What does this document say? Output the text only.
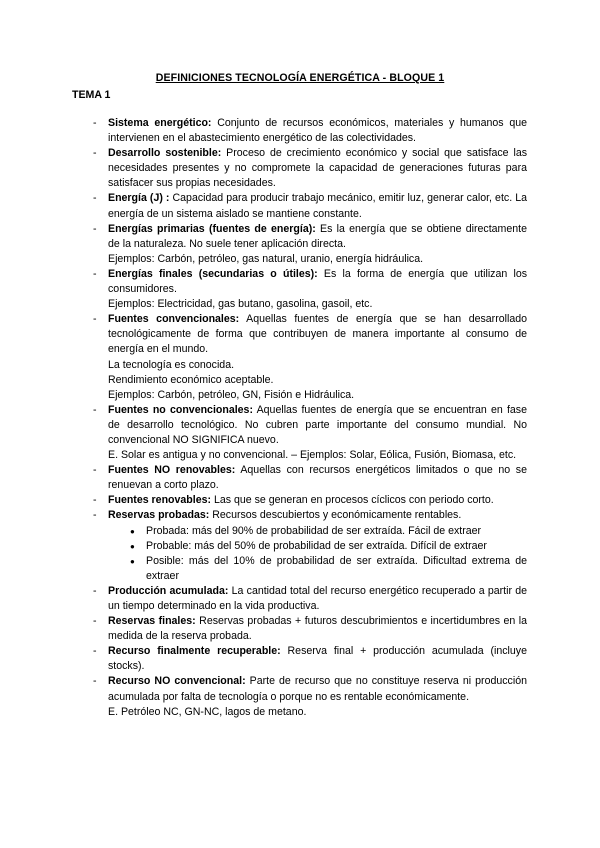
DEFINICIONES TECNOLOGÍA ENERGÉTICA - BLOQUE 1
TEMA 1
- Sistema energético: Conjunto de recursos económicos, materiales y humanos que intervienen en el abastecimiento energético de las colectividades.

- Desarrollo sostenible: Proceso de crecimiento económico y social que satisface las necesidades presentes y no compromete la capacidad de generaciones futuras para satisfacer sus propias necesidades.

- Energía (J) : Capacidad para producir trabajo mecánico, emitir luz, generar calor, etc. La energía de un sistema aislado se mantiene constante.

- Energías primarias (fuentes de energía): Es la energía que se obtiene directamente de la naturaleza. No suele tener aplicación directa.

Ejemplos: Carbón, petróleo, gas natural, uranio, energía hidráulica.

- Energías finales (secundarias o útiles): Es la forma de energía que utilizan los consumidores.

Ejemplos: Electricidad, gas butano, gasolina, gasoil, etc.

- Fuentes convencionales: Aquellas fuentes de energía que se han desarrollado tecnológicamente de forma que contribuyen de manera importante al consumo de energía en el mundo.

La tecnología es conocida.

Rendimiento económico aceptable.

Ejemplos: Carbón, petróleo, GN, Fisión e Hidráulica.

- Fuentes no convencionales: Aquellas fuentes de energía que se encuentran en fase de desarrollo tecnológico. No cubren parte importante del consumo mundial. No convencional NO SIGNIFICA nuevo.

E. Solar es antigua y no convencional. – Ejemplos: Solar, Eólica, Fusión, Biomasa, etc.

- Fuentes NO renovables: Aquellas con recursos energéticos limitados o que no se renuevan a corto plazo.

- Fuentes renovables: Las que se generan en procesos cíclicos con periodo corto.

- Reservas probadas: Recursos descubiertos y económicamente rentables.

● Probada: más del 90% de probabilidad de ser extraída. Fácil de extraer
● Probable: más del 50% de probabilidad de ser extraída. Difícil de extraer
● Posible: más del 10% de probabilidad de ser extraída. Dificultad extrema de extraer
- Producción acumulada: La cantidad total del recurso energético recuperado a partir de un tiempo determinado en la vida productiva.

- Reservas finales: Reservas probadas + futuros descubrimientos e incertidumbres en la medida de la reserva probada.

- Recurso finalmente recuperable: Reserva final + producción acumulada (incluye stocks).

- Recurso NO convencional: Parte de recurso que no constituye reserva ni producción acumulada por falta de tecnología o porque no es rentable económicamente.

E. Petróleo NC, GN-NC, lagos de metano.
